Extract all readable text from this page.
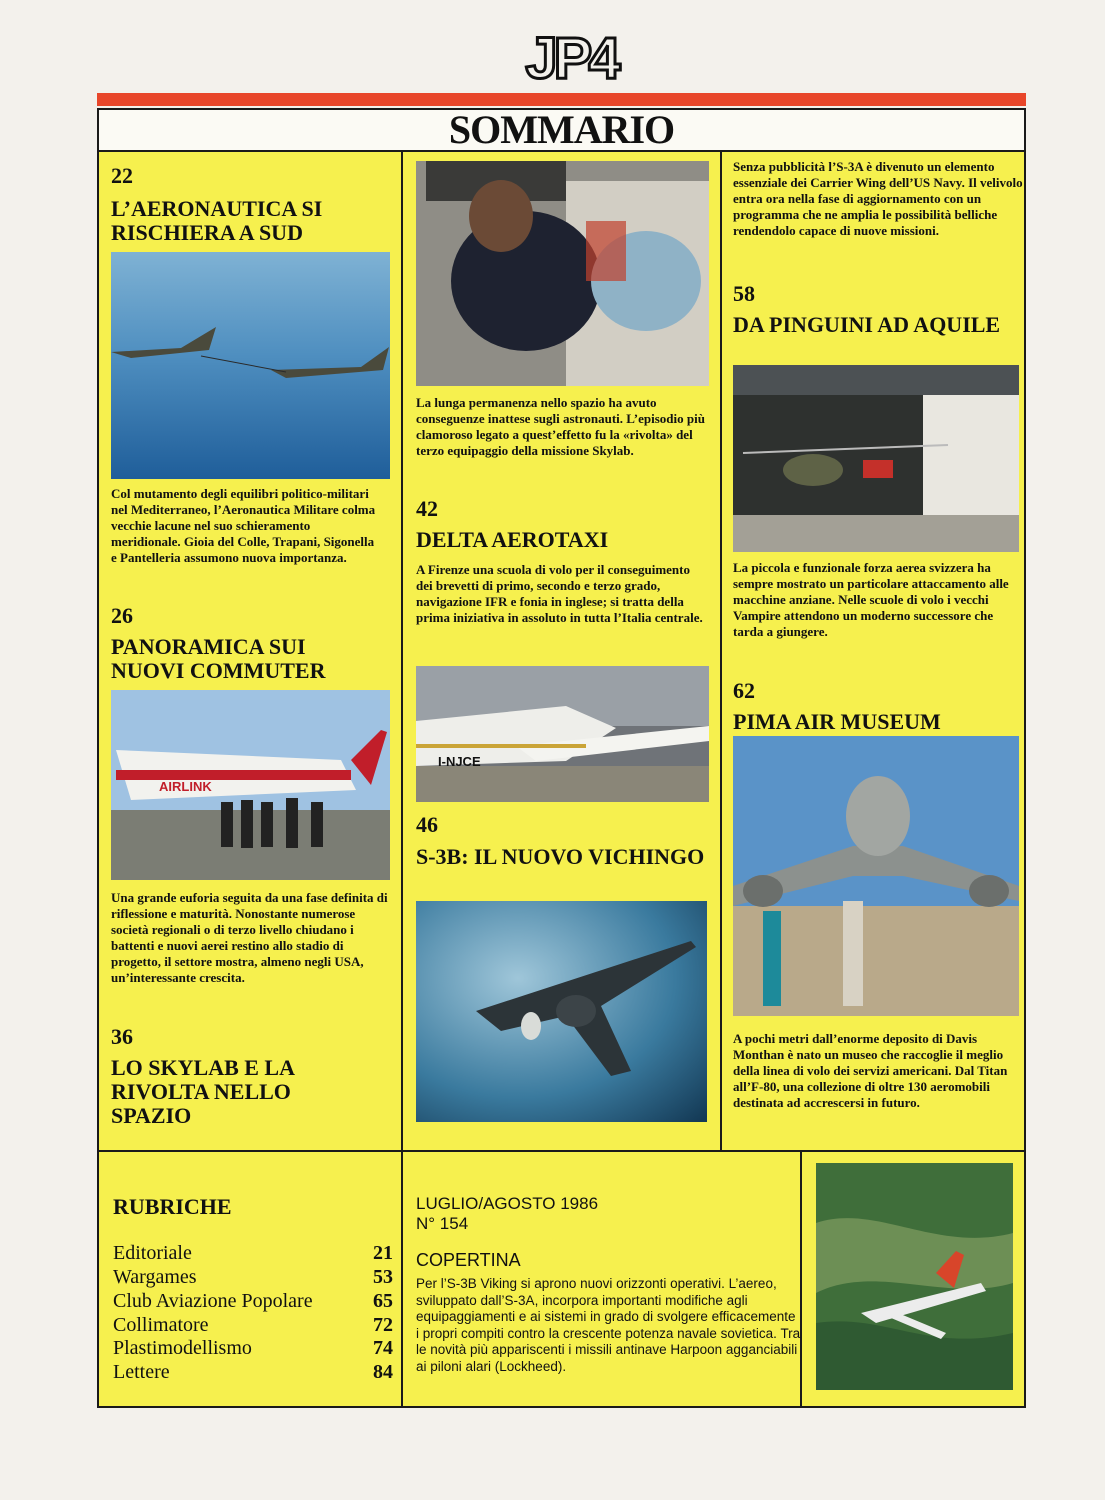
JP4
SOMMARIO
22
L’AERONAUTICA SI RISCHIERA A SUD
Col mutamento degli equilibri politico-militari nel Mediterraneo, l’Aeronautica Militare colma vecchie lacune nel suo schieramento meridionale. Gioia del Colle, Trapani, Sigonella e Pantelleria assumono nuova importanza.
26
PANORAMICA SUI NUOVI COMMUTER
AIRLINK
Una grande euforia seguita da una fase definita di riflessione e maturità. Nonostante numerose società regionali o di terzo livello chiudano i battenti e nuovi aerei restino allo stadio di progetto, il settore mostra, almeno negli USA, un’interessante crescita.
36
LO SKYLAB E LA RIVOLTA NELLO SPAZIO
La lunga permanenza nello spazio ha avuto conseguenze inattese sugli astronauti. L’episodio più clamoroso legato a quest’effetto fu la «rivolta» del terzo equipaggio della missione Skylab.
42
DELTA AEROTAXI
A Firenze una scuola di volo per il conseguimento dei brevetti di primo, secondo e terzo grado, navigazione IFR e fonia in inglese; si tratta della prima iniziativa in assoluto in tutta l’Italia centrale.
I-NJCE
46
S-3B: IL NUOVO VICHINGO
Senza pubblicità l’S-3A è divenuto un elemento essenziale dei Carrier Wing dell’US Navy. Il velivolo entra ora nella fase di aggiornamento con un programma che ne amplia le possibilità belliche rendendolo capace di nuove missioni.
58
DA PINGUINI AD AQUILE
La piccola e funzionale forza aerea svizzera ha sempre mostrato un particolare attaccamento alle macchine anziane. Nelle scuole di volo i vecchi Vampire attendono un moderno successore che tarda a giungere.
62
PIMA AIR MUSEUM
A pochi metri dall’enorme deposito di Davis Monthan è nato un museo che raccoglie il meglio della linea di volo dei servizi americani. Dal Titan all’F-80, una collezione di oltre 130 aeromobili destinata ad accrescersi in futuro.
RUBRICHE
Editoriale	21
Wargames	53
Club Aviazione Popolare	65
Collimatore	72
Plastimodellismo	74
Lettere	84
LUGLIO/AGOSTO 1986
N° 154
COPERTINA
Per l’S-3B Viking si aprono nuovi orizzonti operativi. L’aereo, sviluppato dall’S-3A, incorpora importanti modifiche agli equipaggiamenti e ai sistemi in grado di svolgere efficacemente i propri compiti contro la crescente potenza navale sovietica. Tra le novità più appariscenti i missili antinave Harpoon agganciabili ai piloni alari (Lockheed).
